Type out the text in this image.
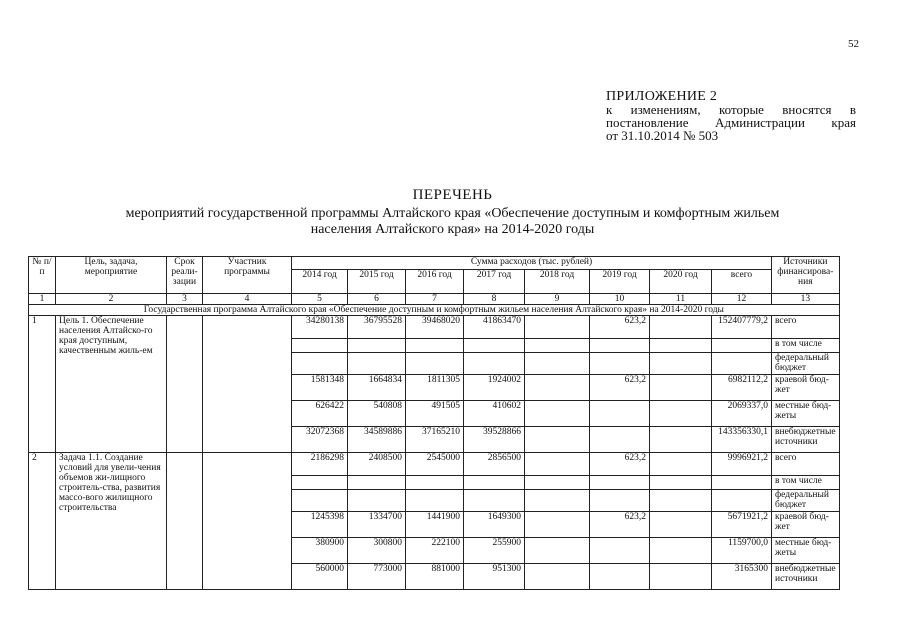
52
ПРИЛОЖЕНИЕ 2
к изменениям, которые вносятся в
постановление Администрации края
от 31.10.2014 № 503
ПЕРЕЧЕНЬ
мероприятий государственной программы Алтайского края «Обеспечение доступным и комфортным жильем
населения Алтайского края» на 2014-2020 годы
№ п/п	Цель, задача, мероприятие	Срок реали-зации	Участник программы	Сумма расходов (тыс. рублей)								Источники финансирова-ния
				2014 год	2015 год	2016 год	2017 год	2018 год	2019 год	2020 год	всего	
1	2	3	4	5	6	7	8	9	10	11	12	13
Государственная программа Алтайского края «Обеспечение доступным и комфортным жильем населения Алтайского края» на 2014-2020 годы												
1	Цель 1. Обеспечение населения Алтайско-го края доступным, качественным жиль-ем			34280138	36795528	39468020	41863470		623,2		152407779,2	всего
												в том числе
												федеральный бюджет
				1581348	1664834	1811305	1924002		623,2		6982112,2	краевой бюд-жет
				626422	540808	491505	410602				2069337,0	местные бюд-жеты
				32072368	34589886	37165210	39528866				143356330,1	внебюджетные источники
2	Задача 1.1. Создание условий для увели-чения объемов жи-лищного строитель-ства, развития массо-вого жилищного строительства			2186298	2408500	2545000	2856500		623,2		9996921,2	всего
												в том числе
												федеральный бюджет
				1245398	1334700	1441900	1649300		623,2		5671921,2	краевой бюд-жет
				380900	300800	222100	255900				1159700,0	местные бюд-жеты
				560000	773000	881000	951300				3165300	внебюджетные источники
